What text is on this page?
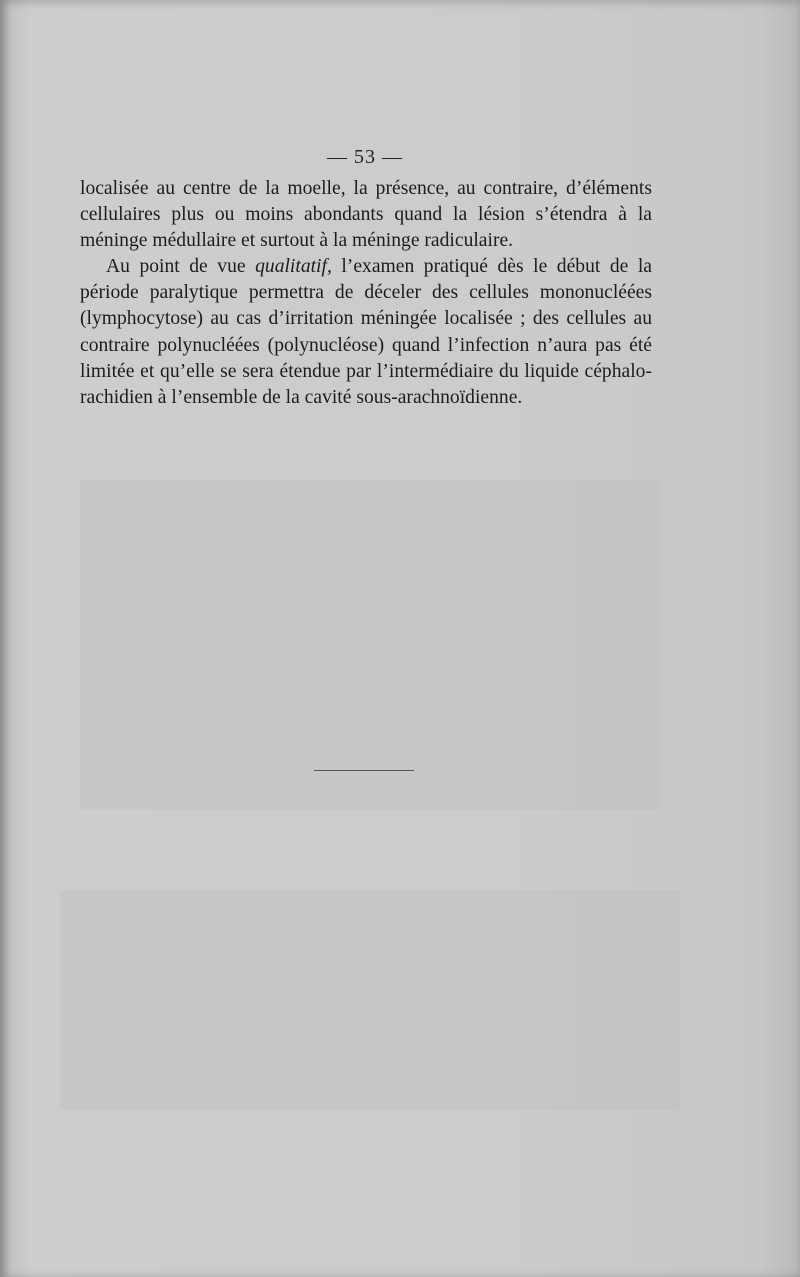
— 53 —

localisée au centre de la moelle, la présence, au contraire, d’éléments cellulaires plus ou moins abondants quand la lésion s’étendra à la méninge médullaire et surtout à la méninge radiculaire.

Au point de vue qualitatif, l’examen pratiqué dès le début de la période paralytique permettra de déceler des cellules mononucléées (lymphocytose) au cas d’irritation méningée localisée ; des cellules au contraire polynucléées (polynucléose) quand l’infection n’aura pas été limitée et qu’elle se sera étendue par l’intermédiaire du liquide céphalo-rachidien à l’ensemble de la cavité sous-arachnoïdienne.
